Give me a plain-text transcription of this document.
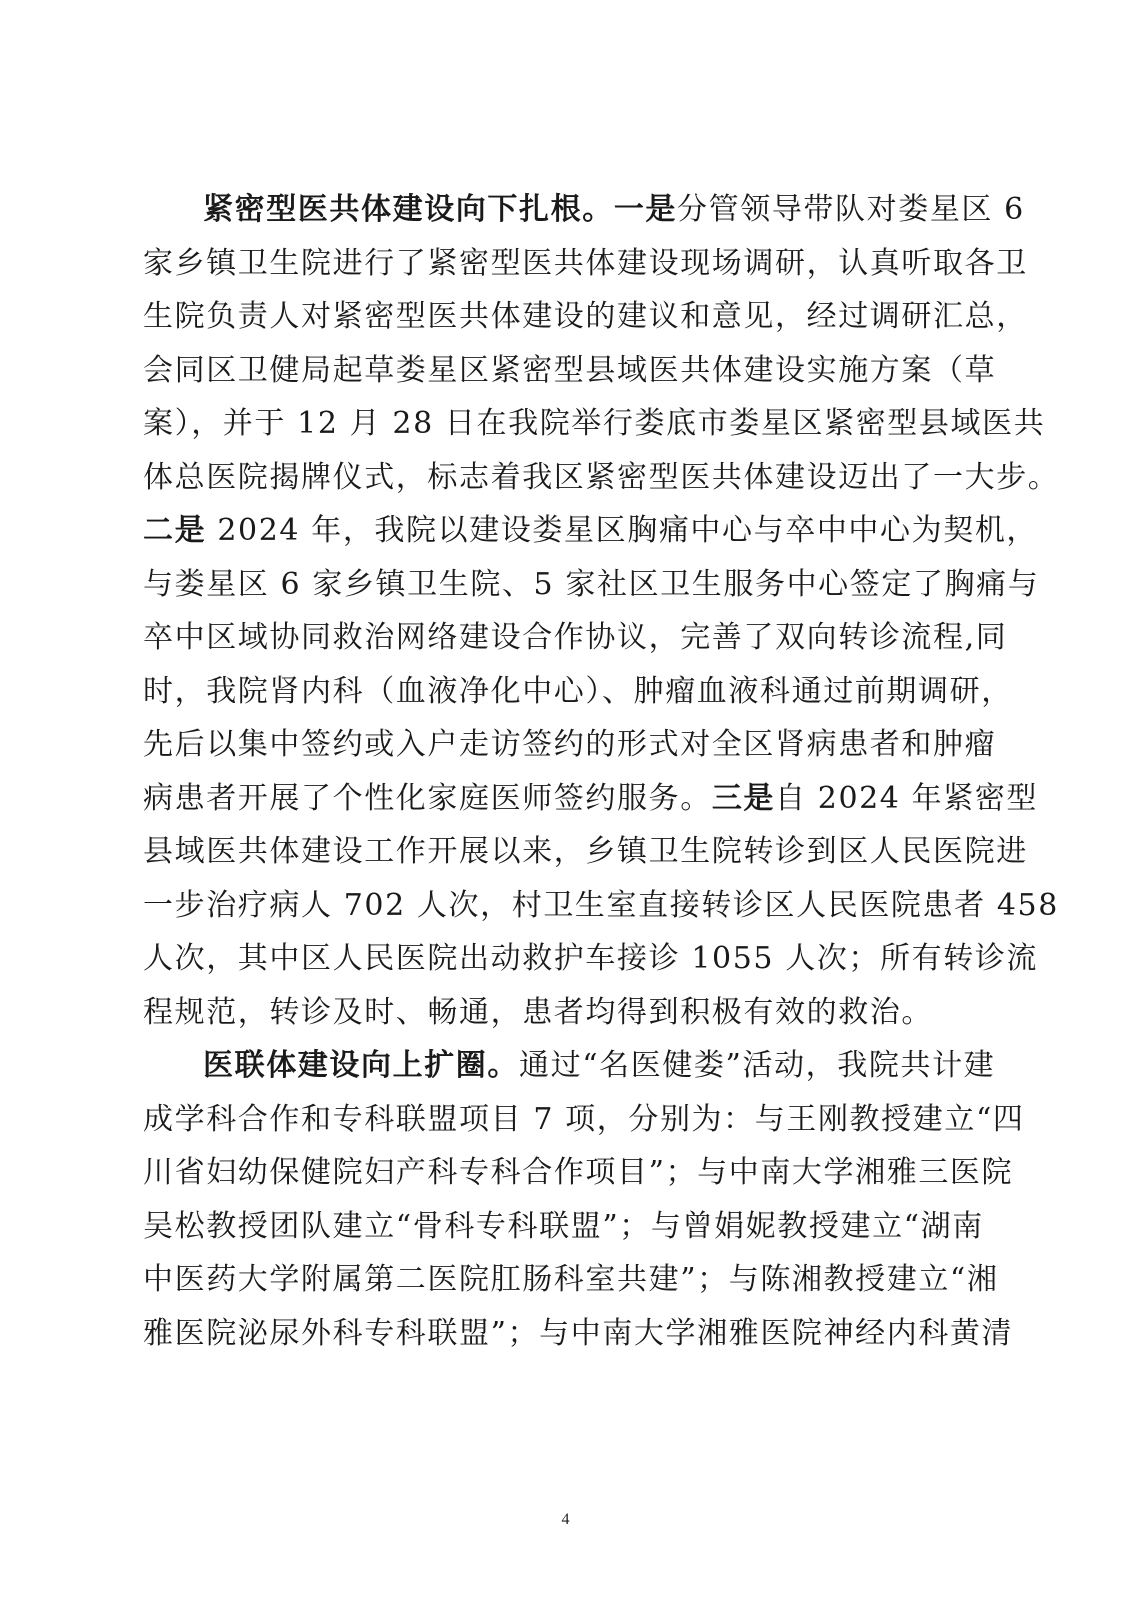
紧密型医共体建设向下扎根。一是分管领导带队对娄星区 6
家乡镇卫生院进行了紧密型医共体建设现场调研，认真听取各卫
生院负责人对紧密型医共体建设的建议和意见，经过调研汇总，
会同区卫健局起草娄星区紧密型县域医共体建设实施方案（草
案），并于 12 月 28 日在我院举行娄底市娄星区紧密型县域医共
体总医院揭牌仪式，标志着我区紧密型医共体建设迈出了一大步。
二是 2024 年，我院以建设娄星区胸痛中心与卒中中心为契机，
与娄星区 6 家乡镇卫生院、5 家社区卫生服务中心签定了胸痛与
卒中区域协同救治网络建设合作协议，完善了双向转诊流程,同
时，我院肾内科（血液净化中心）、肿瘤血液科通过前期调研，
先后以集中签约或入户走访签约的形式对全区肾病患者和肿瘤
病患者开展了个性化家庭医师签约服务。三是自 2024 年紧密型
县域医共体建设工作开展以来，乡镇卫生院转诊到区人民医院进
一步治疗病人 702 人次，村卫生室直接转诊区人民医院患者 458
人次，其中区人民医院出动救护车接诊 1055 人次；所有转诊流
程规范，转诊及时、畅通，患者均得到积极有效的救治。
医联体建设向上扩圈。通过“名医健娄”活动，我院共计建
成学科合作和专科联盟项目 7 项，分别为：与王刚教授建立“四
川省妇幼保健院妇产科专科合作项目”；与中南大学湘雅三医院
吴松教授团队建立“骨科专科联盟”；与曾娟妮教授建立“湖南
中医药大学附属第二医院肛肠科室共建”；与陈湘教授建立“湘
雅医院泌尿外科专科联盟”；与中南大学湘雅医院神经内科黄清
4
